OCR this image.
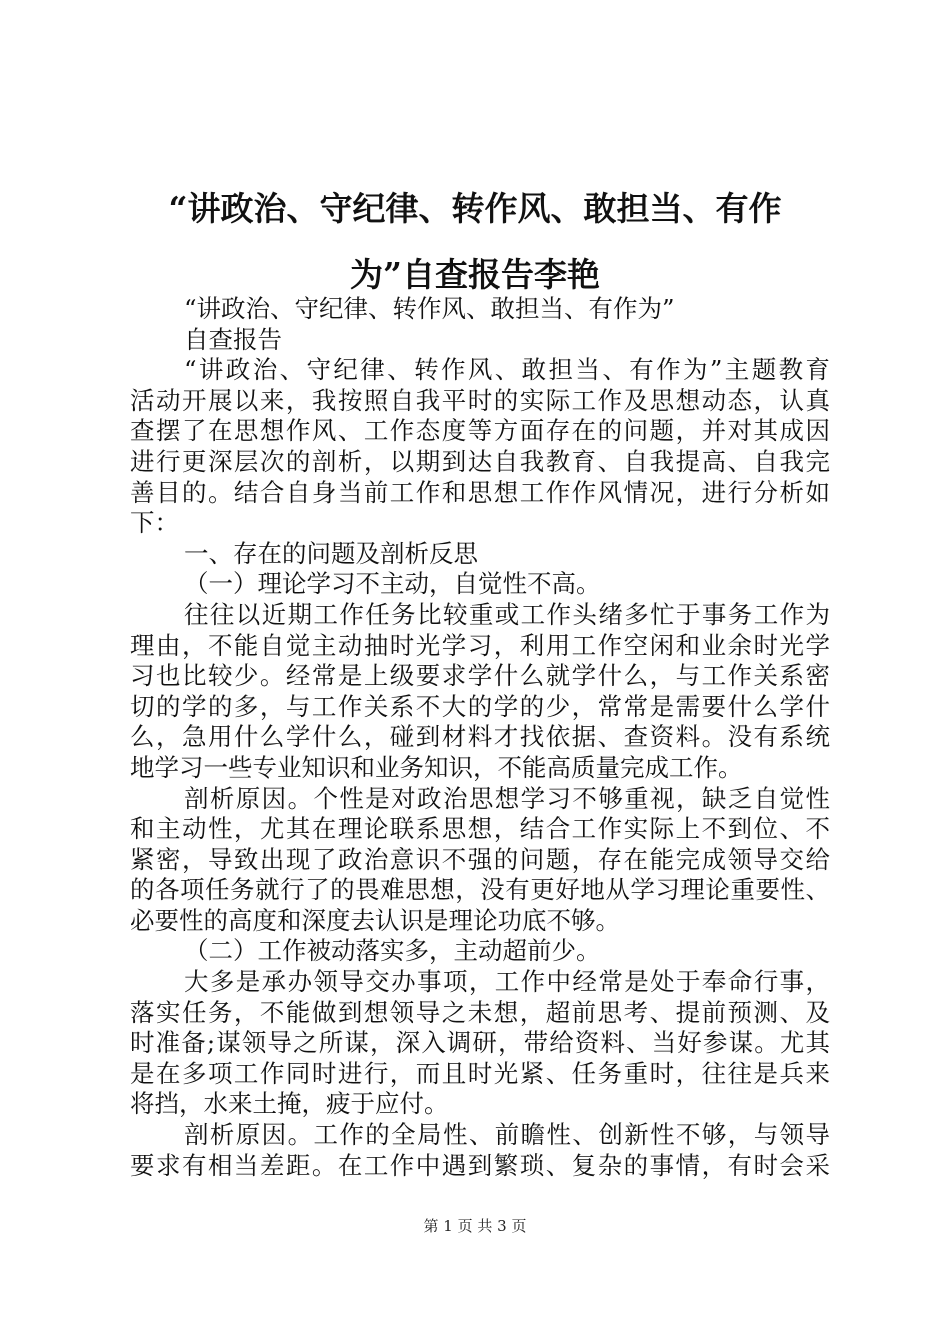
“讲政治、守纪律、转作风、敢担当、有作
为”自查报告李艳
“讲政治、守纪律、转作风、敢担当、有作为”
自查报告
“讲政治、守纪律、转作风、敢担当、有作为”主题教育
活动开展以来，我按照自我平时的实际工作及思想动态，认真
查摆了在思想作风、工作态度等方面存在的问题，并对其成因
进行更深层次的剖析，以期到达自我教育、自我提高、自我完
善目的。结合自身当前工作和思想工作作风情况，进行分析如
下：
一、存在的问题及剖析反思
（一）理论学习不主动，自觉性不高。
往往以近期工作任务比较重或工作头绪多忙于事务工作为
理由，不能自觉主动抽时光学习，利用工作空闲和业余时光学
习也比较少。经常是上级要求学什么就学什么，与工作关系密
切的学的多，与工作关系不大的学的少，常常是需要什么学什
么，急用什么学什么，碰到材料才找依据、查资料。没有系统
地学习一些专业知识和业务知识，不能高质量完成工作。
剖析原因。个性是对政治思想学习不够重视，缺乏自觉性
和主动性，尤其在理论联系思想，结合工作实际上不到位、不
紧密，导致出现了政治意识不强的问题，存在能完成领导交给
的各项任务就行了的畏难思想，没有更好地从学习理论重要性、
必要性的高度和深度去认识是理论功底不够。
（二）工作被动落实多，主动超前少。
大多是承办领导交办事项，工作中经常是处于奉命行事，
落实任务，不能做到想领导之未想，超前思考、提前预测、及
时准备;谋领导之所谋，深入调研，带给资料、当好参谋。尤其
是在多项工作同时进行，而且时光紧、任务重时，往往是兵来
将挡，水来土掩，疲于应付。
剖析原因。工作的全局性、前瞻性、创新性不够，与领导
要求有相当差距。在工作中遇到繁琐、复杂的事情，有时会采
第 1 页 共 3 页
